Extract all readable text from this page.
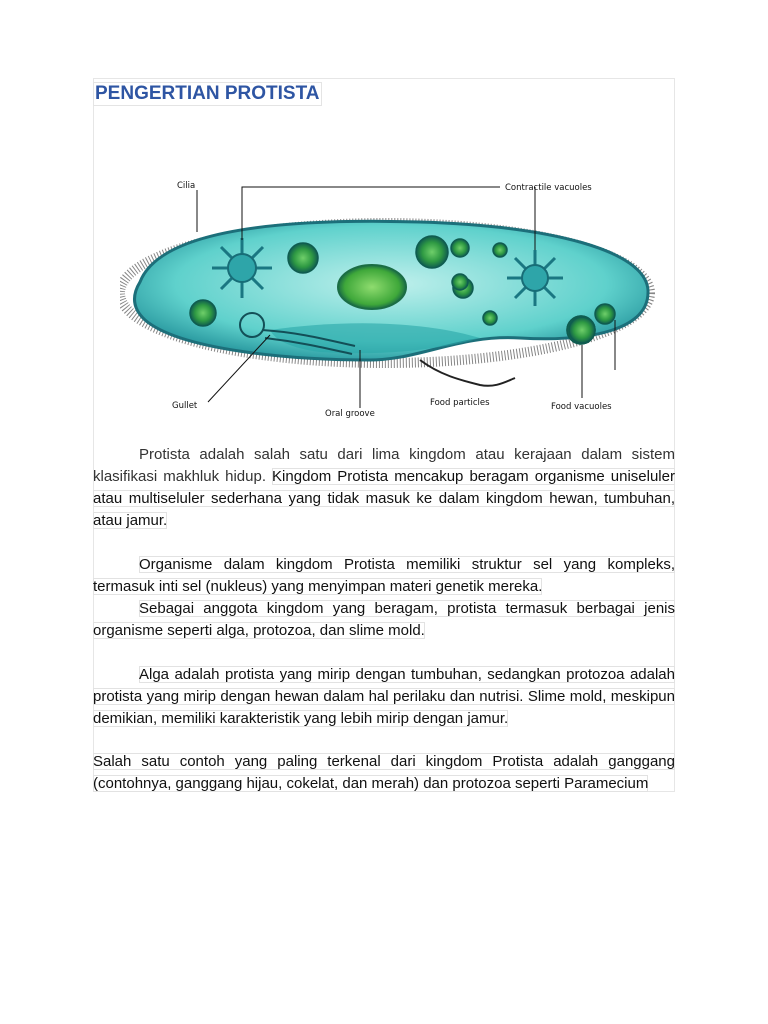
PENGERTIAN PROTISTA
Cilia	Contractile vacuoles
Gullet
Oral groove
Food particles	Food vacuoles
Protista adalah salah satu dari lima kingdom atau kerajaan dalam sistem klasifikasi makhluk hidup. Kingdom Protista mencakup beragam organisme uniseluler atau multiseluler sederhana yang tidak masuk ke dalam kingdom hewan, tumbuhan, atau jamur.
Organisme dalam kingdom Protista memiliki struktur sel yang kompleks, termasuk inti sel (nukleus) yang menyimpan materi genetik mereka.
Sebagai anggota kingdom yang beragam, protista termasuk berbagai jenis organisme seperti alga, protozoa, dan slime mold.
Alga adalah protista yang mirip dengan tumbuhan, sedangkan protozoa adalah protista yang mirip dengan hewan dalam hal perilaku dan nutrisi. Slime mold, meskipun demikian, memiliki karakteristik yang lebih mirip dengan jamur.
Salah satu contoh yang paling terkenal dari kingdom Protista adalah ganggang (contohnya, ganggang hijau, cokelat, dan merah) dan protozoa seperti Paramecium
